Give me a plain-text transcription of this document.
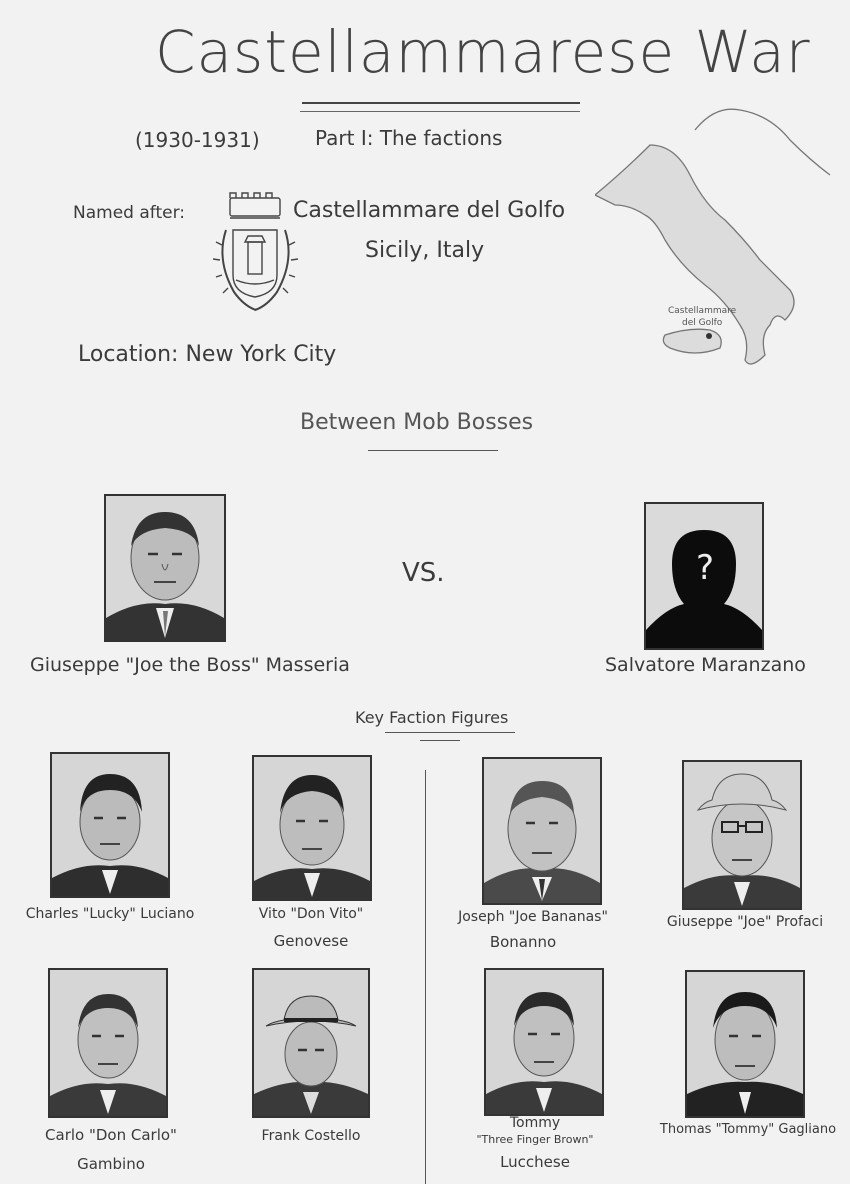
Castellammarese War
(1930-1931)	Part I: The factions
Named after:	Castellammare del Golfo
Sicily, Italy
Castellammare
del Golfo
Location: New York City
Between Mob Bosses
VS.	?
Giuseppe "Joe the Boss" Masseria	Salvatore Maranzano
Key Faction Figures
Charles "Lucky" Luciano	Vito "Don Vito"
Genovese
Joseph "Joe Bananas"
Bonanno
Giuseppe "Joe" Profaci
Carlo "Don Carlo"
Gambino
Frank Costello
Tommy
"Three Finger Brown"
Lucchese
Thomas "Tommy" Gagliano
